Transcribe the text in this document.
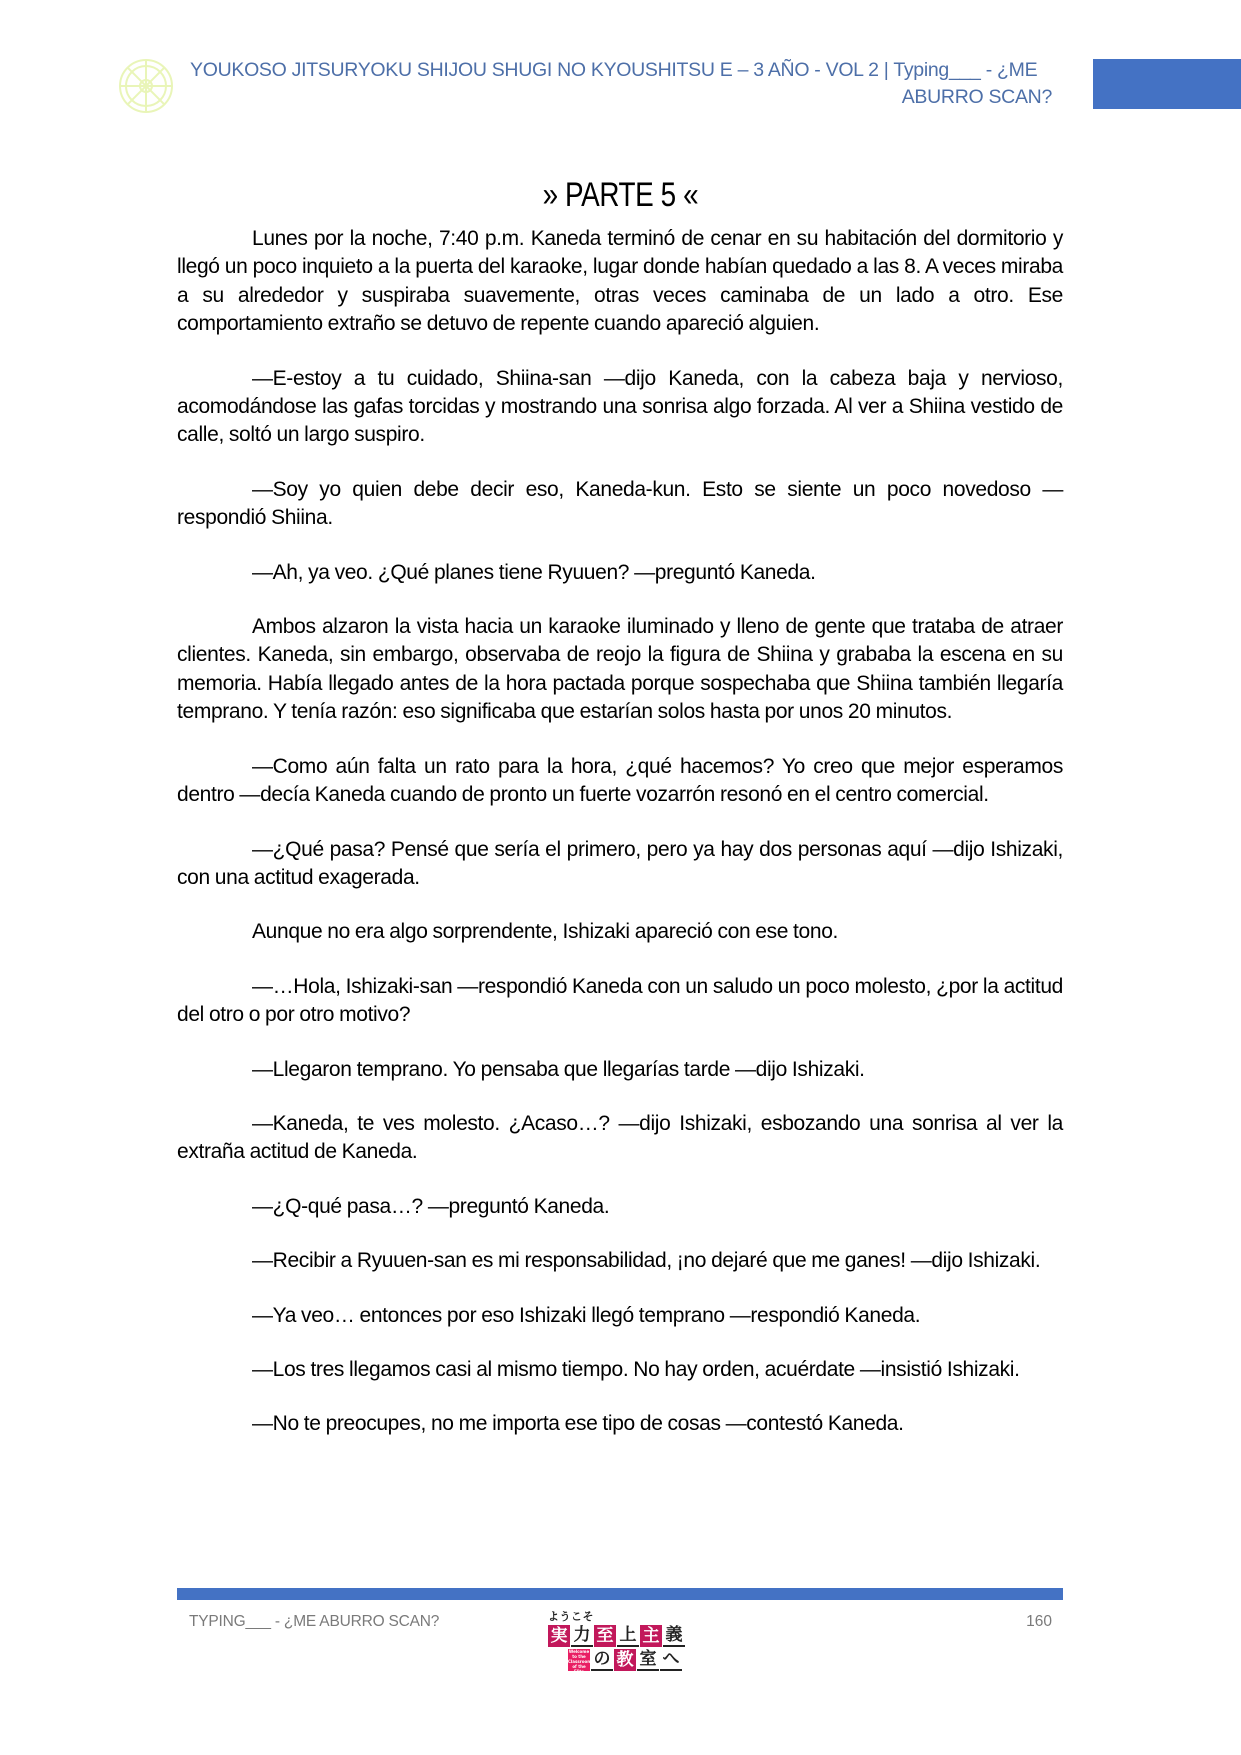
YOUKOSO JITSURYOKU SHIJOU SHUGI NO KYOUSHITSU E – 3 AÑO - VOL 2 | Typing___ - ¿ME
ABURRO SCAN?
» PARTE 5 «

Lunes por la noche, 7:40 p.m. Kaneda terminó de cenar en su habitación del dormitorio y llegó un poco inquieto a la puerta del karaoke, lugar donde habían quedado a las 8. A veces miraba a su alrededor y suspiraba suavemente, otras veces caminaba de un lado a otro. Ese comportamiento extraño se detuvo de repente cuando apareció alguien.

—E-estoy a tu cuidado, Shiina-san —dijo Kaneda, con la cabeza baja y nervioso, acomodándose las gafas torcidas y mostrando una sonrisa algo forzada. Al ver a Shiina vestido de calle, soltó un largo suspiro.

—Soy yo quien debe decir eso, Kaneda-kun. Esto se siente un poco novedoso —respondió Shiina.

—Ah, ya veo. ¿Qué planes tiene Ryuuen? —preguntó Kaneda.

Ambos alzaron la vista hacia un karaoke iluminado y lleno de gente que trataba de atraer clientes. Kaneda, sin embargo, observaba de reojo la figura de Shiina y grababa la escena en su memoria. Había llegado antes de la hora pactada porque sospechaba que Shiina también llegaría temprano. Y tenía razón: eso significaba que estarían solos hasta por unos 20 minutos.

—Como aún falta un rato para la hora, ¿qué hacemos? Yo creo que mejor esperamos dentro —decía Kaneda cuando de pronto un fuerte vozarrón resonó en el centro comercial.

—¿Qué pasa? Pensé que sería el primero, pero ya hay dos personas aquí —dijo Ishizaki, con una actitud exagerada.

Aunque no era algo sorprendente, Ishizaki apareció con ese tono.

—…Hola, Ishizaki-san —respondió Kaneda con un saludo un poco molesto, ¿por la actitud del otro o por otro motivo?

—Llegaron temprano. Yo pensaba que llegarías tarde —dijo Ishizaki.

—Kaneda, te ves molesto. ¿Acaso…? —dijo Ishizaki, esbozando una sonrisa al ver la extraña actitud de Kaneda.

—¿Q-qué pasa…? —preguntó Kaneda.

—Recibir a Ryuuen-san es mi responsabilidad, ¡no dejaré que me ganes! —dijo Ishizaki.

—Ya veo… entonces por eso Ishizaki llegó temprano —respondió Kaneda.

—Los tres llegamos casi al mismo tiempo. No hay orden, acuérdate —insistió Ishizaki.

—No te preocupes, no me importa ese tipo de cosas —contestó Kaneda.

TYPING___ - ¿ME ABURRO SCAN?	ようこそ
実 力 至 上 主 義
Welcome to the Classroom of the Elite
の 教 室 へ
160
